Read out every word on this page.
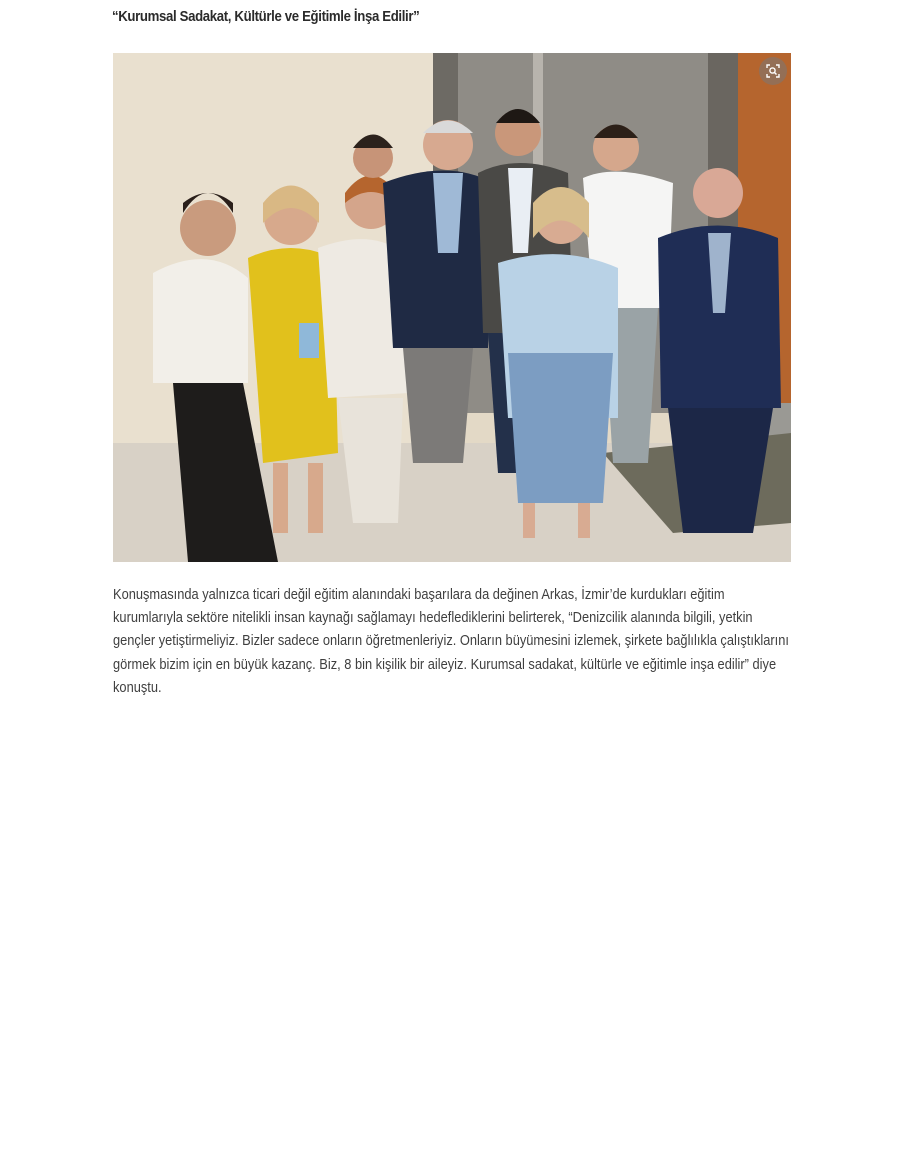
“Kurumsal Sadakat, Kültürle ve Eğitimle İnşa Edilir”

Konuşmasında yalnızca ticari değil eğitim alanındaki başarılara da değinen Arkas, İzmir’de kurdukları eğitim kurumlarıyla sektöre nitelikli insan kaynağı sağlamayı hedeflediklerini belirterek, “Denizcilik alanında bilgili, yetkin gençler yetiştirmeliyiz. Bizler sadece onların öğretmenleriyiz. Onların büyümesini izlemek, şirkete bağlılıkla çalıştıklarını görmek bizim için en büyük kazanç. Biz, 8 bin kişilik bir aileyiz. Kurumsal sadakat, kültürle ve eğitimle inşa edilir” diye konuştu.
